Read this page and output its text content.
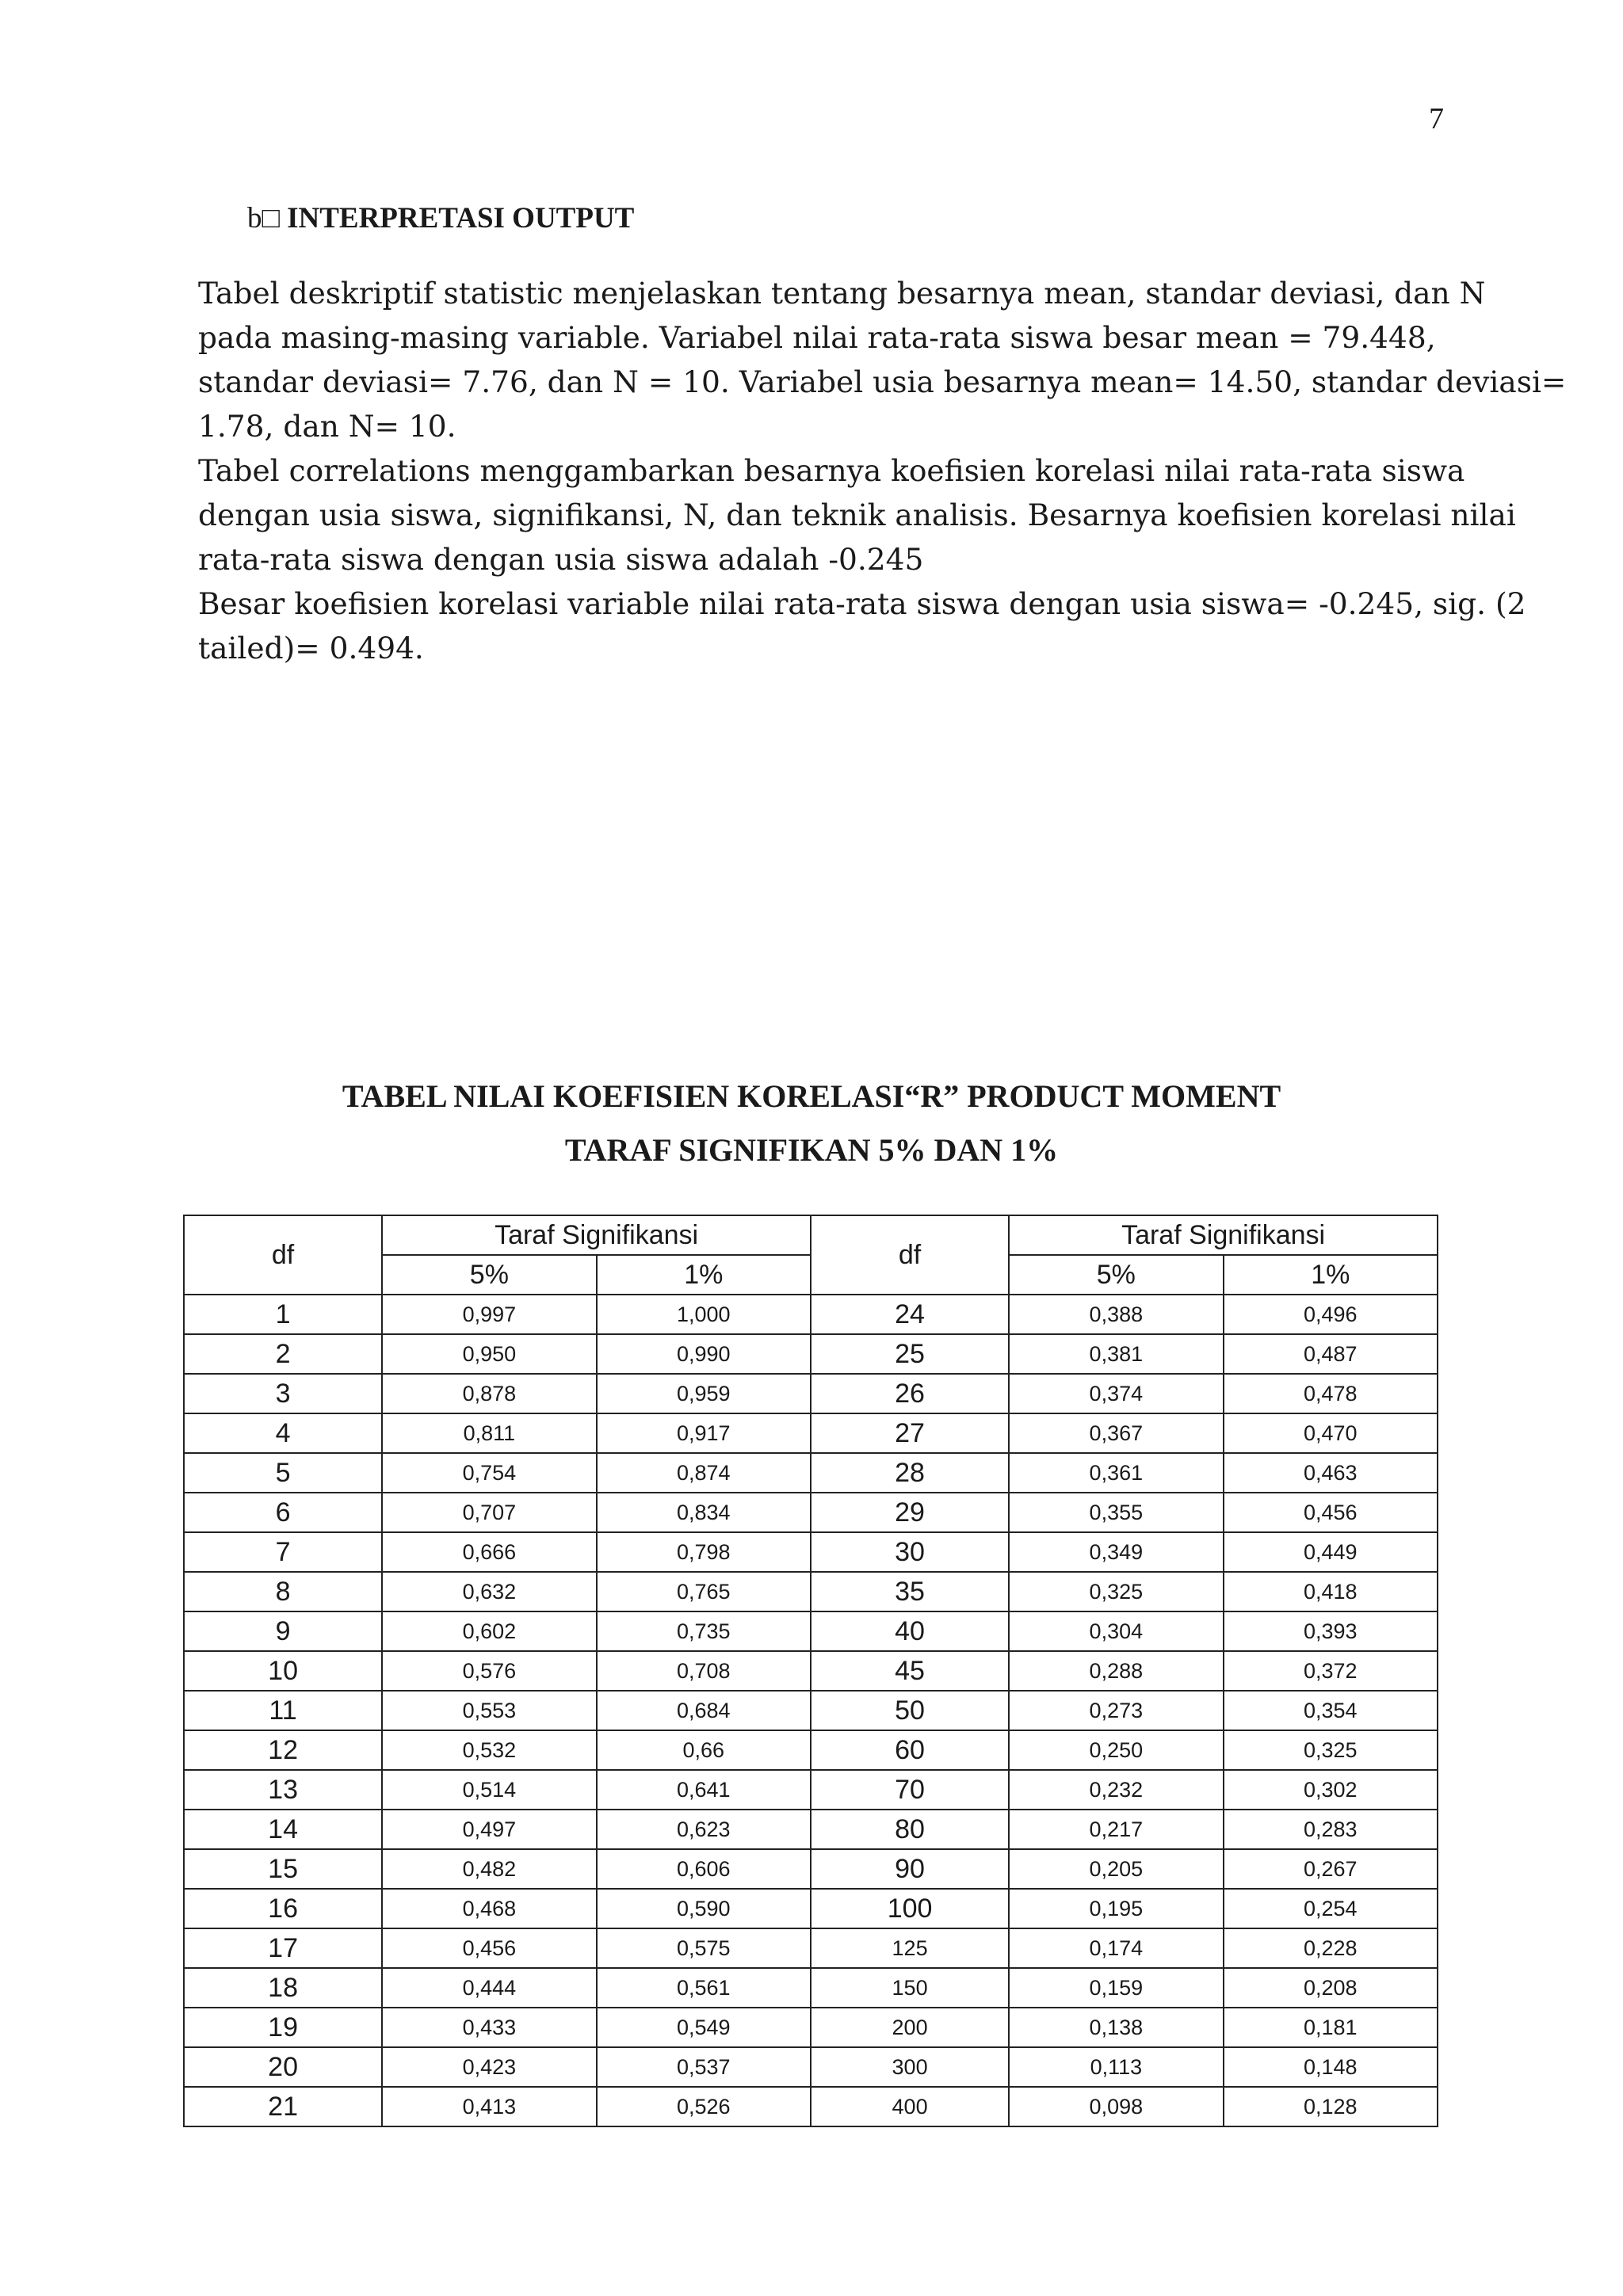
7
b□ INTERPRETASI OUTPUT
Tabel deskriptif statistic menjelaskan tentang besarnya mean, standar deviasi, dan N
pada masing-masing variable. Variabel nilai rata-rata siswa besar mean = 79.448,
standar deviasi= 7.76, dan N = 10. Variabel usia besarnya mean= 14.50, standar deviasi=
1.78, dan N= 10.
Tabel correlations menggambarkan besarnya koefisien korelasi nilai rata-rata siswa
dengan usia siswa, signifikansi, N, dan teknik analisis. Besarnya koefisien korelasi nilai
rata-rata siswa dengan usia siswa adalah -0.245
Besar koefisien korelasi variable nilai rata-rata siswa dengan usia siswa= -0.245, sig. (2
tailed)= 0.494.
TABEL NILAI KOEFISIEN KORELASI“R” PRODUCT MOMENT
TARAF SIGNIFIKAN 5% DAN 1%
df	Taraf Signifikansi		df	Taraf Signifikansi	
	5%	1%		5%	1%
1	0,997	1,000	24	0,388	0,496
2	0,950	0,990	25	0,381	0,487
3	0,878	0,959	26	0,374	0,478
4	0,811	0,917	27	0,367	0,470
5	0,754	0,874	28	0,361	0,463
6	0,707	0,834	29	0,355	0,456
7	0,666	0,798	30	0,349	0,449
8	0,632	0,765	35	0,325	0,418
9	0,602	0,735	40	0,304	0,393
10	0,576	0,708	45	0,288	0,372
11	0,553	0,684	50	0,273	0,354
12	0,532	0,66	60	0,250	0,325
13	0,514	0,641	70	0,232	0,302
14	0,497	0,623	80	0,217	0,283
15	0,482	0,606	90	0,205	0,267
16	0,468	0,590	100	0,195	0,254
17	0,456	0,575	125	0,174	0,228
18	0,444	0,561	150	0,159	0,208
19	0,433	0,549	200	0,138	0,181
20	0,423	0,537	300	0,113	0,148
21	0,413	0,526	400	0,098	0,128
